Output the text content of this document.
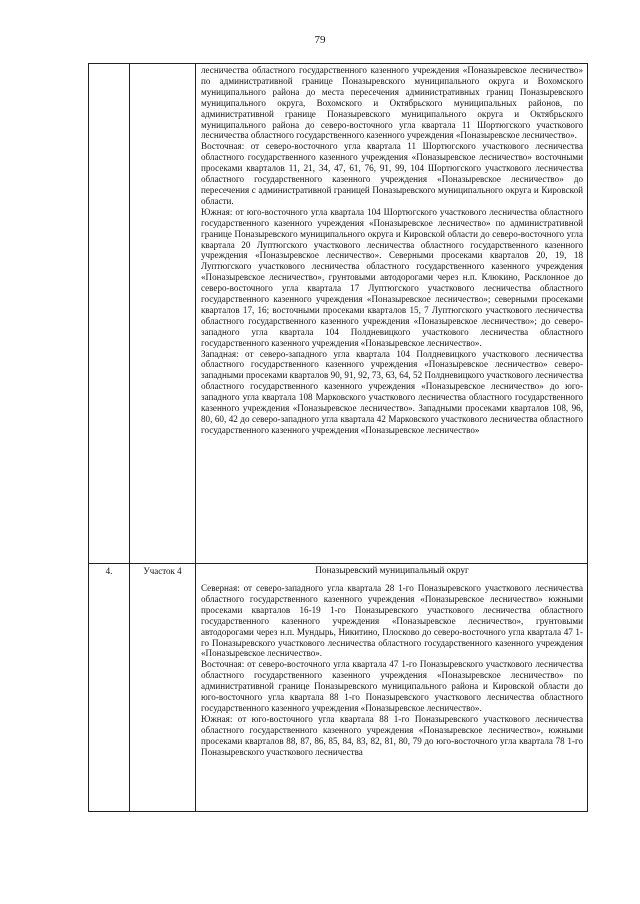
79

		лесничества областного государственного казенного учреждения «Поназыревское лесничество» по административной границе Поназыревского муниципального округа и Вохомского муниципального района до места пересечения административных границ Поназыревского муниципального округа, Вохомского и Октябрьского муниципальных районов, по административной границе Поназыревского муниципального округа и Октябрьского муниципального района до северо-восточного угла квартала 11 Шортюгского участкового лесничества областного государственного казенного учреждения «Поназыревское лесничество».

Восточная: от северо-восточного угла квартала 11 Шортюгского участкового лесничества областного государственного казенного учреждения «Поназыревское лесничество» восточными просеками кварталов 11, 21, 34, 47, 61, 76, 91, 99, 104 Шортюгского участкового лесничества областного государственного казенного учреждения «Поназыревское лесничество» до пересечения с административной границей Поназыревского муниципального округа и Кировской области.

Южная: от юго-восточного угла квартала 104 Шортюгского участкового лесничества областного государственного казенного учреждения «Поназыревское лесничество» по административной границе Поназыревского муниципального округа и Кировской области до северо-восточного угла квартала 20 Луптюгского участкового лесничества областного государственного казенного учреждения «Поназыревское лесничество». Северными просеками кварталов 20, 19, 18 Луптюгского участкового лесничества областного государственного казенного учреждения «Поназыревское лесничество», грунтовыми автодорогами через н.п. Клюкино, Расклонное до северо-восточного угла квартала 17 Луптюгского участкового лесничества областного государственного казенного учреждения «Поназыревское лесничество»; северными просеками кварталов 17, 16; восточными просеками кварталов 15, 7 Луптюгского участкового лесничества областного государственного казенного учреждения «Поназыревское лесничество»; до северо-западного угла квартала 104 Полдневицкого участкового лесничества областного государственного казенного учреждения «Поназыревское лесничество».

Западная: от северо-западного угла квартала 104 Полдневицкого участкового лесничества областного государственного казенного учреждения «Поназыревское лесничество» северо-западными просеками кварталов 90, 91, 92, 73, 63, 64, 52 Полдневицкого участкового лесничества областного государственного казенного учреждения «Поназыревское лесничество» до юго-западного угла квартала 108 Марковского участкового лесничества областного государственного казенного учреждения «Поназыревское лесничество». Западными просеками кварталов 108, 96, 80, 60, 42 до северо-западного угла квартала 42 Марковского участкового лесничества областного государственного казенного учреждения «Поназыревское лесничество»

4.	Участок 4	Поназыревский муниципальный округ

Северная: от северо-западного угла квартала 28 1-го Поназыревского участкового лесничества областного государственного казенного учреждения «Поназыревское лесничество» южными просеками кварталов 16-19 1-го Поназыревского участкового лесничества областного государственного казенного учреждения «Поназыревское лесничество», грунтовыми автодорогами через н.п. Мундырь, Никитино, Плосково до северо-восточного угла квартала 47 1-го Поназыревского участкового лесничества областного государственного казенного учреждения «Поназыревское лесничество».

Восточная: от северо-восточного угла квартала 47 1-го Поназыревского участкового лесничества областного государственного казенного учреждения «Поназыревское лесничество» по административной границе Поназыревского муниципального района и Кировской области до юго-восточного угла квартала 88 1-го Поназыревского участкового лесничества областного государственного казенного учреждения «Поназыревское лесничество».

Южная: от юго-восточного угла квартала 88 1-го Поназыревского участкового лесничества областного государственного казенного учреждения «Поназыревское лесничество», южными просеками кварталов 88, 87, 86, 85, 84, 83, 82, 81, 80, 79 до юго-восточного угла квартала 78 1-го Поназыревского участкового лесничества
